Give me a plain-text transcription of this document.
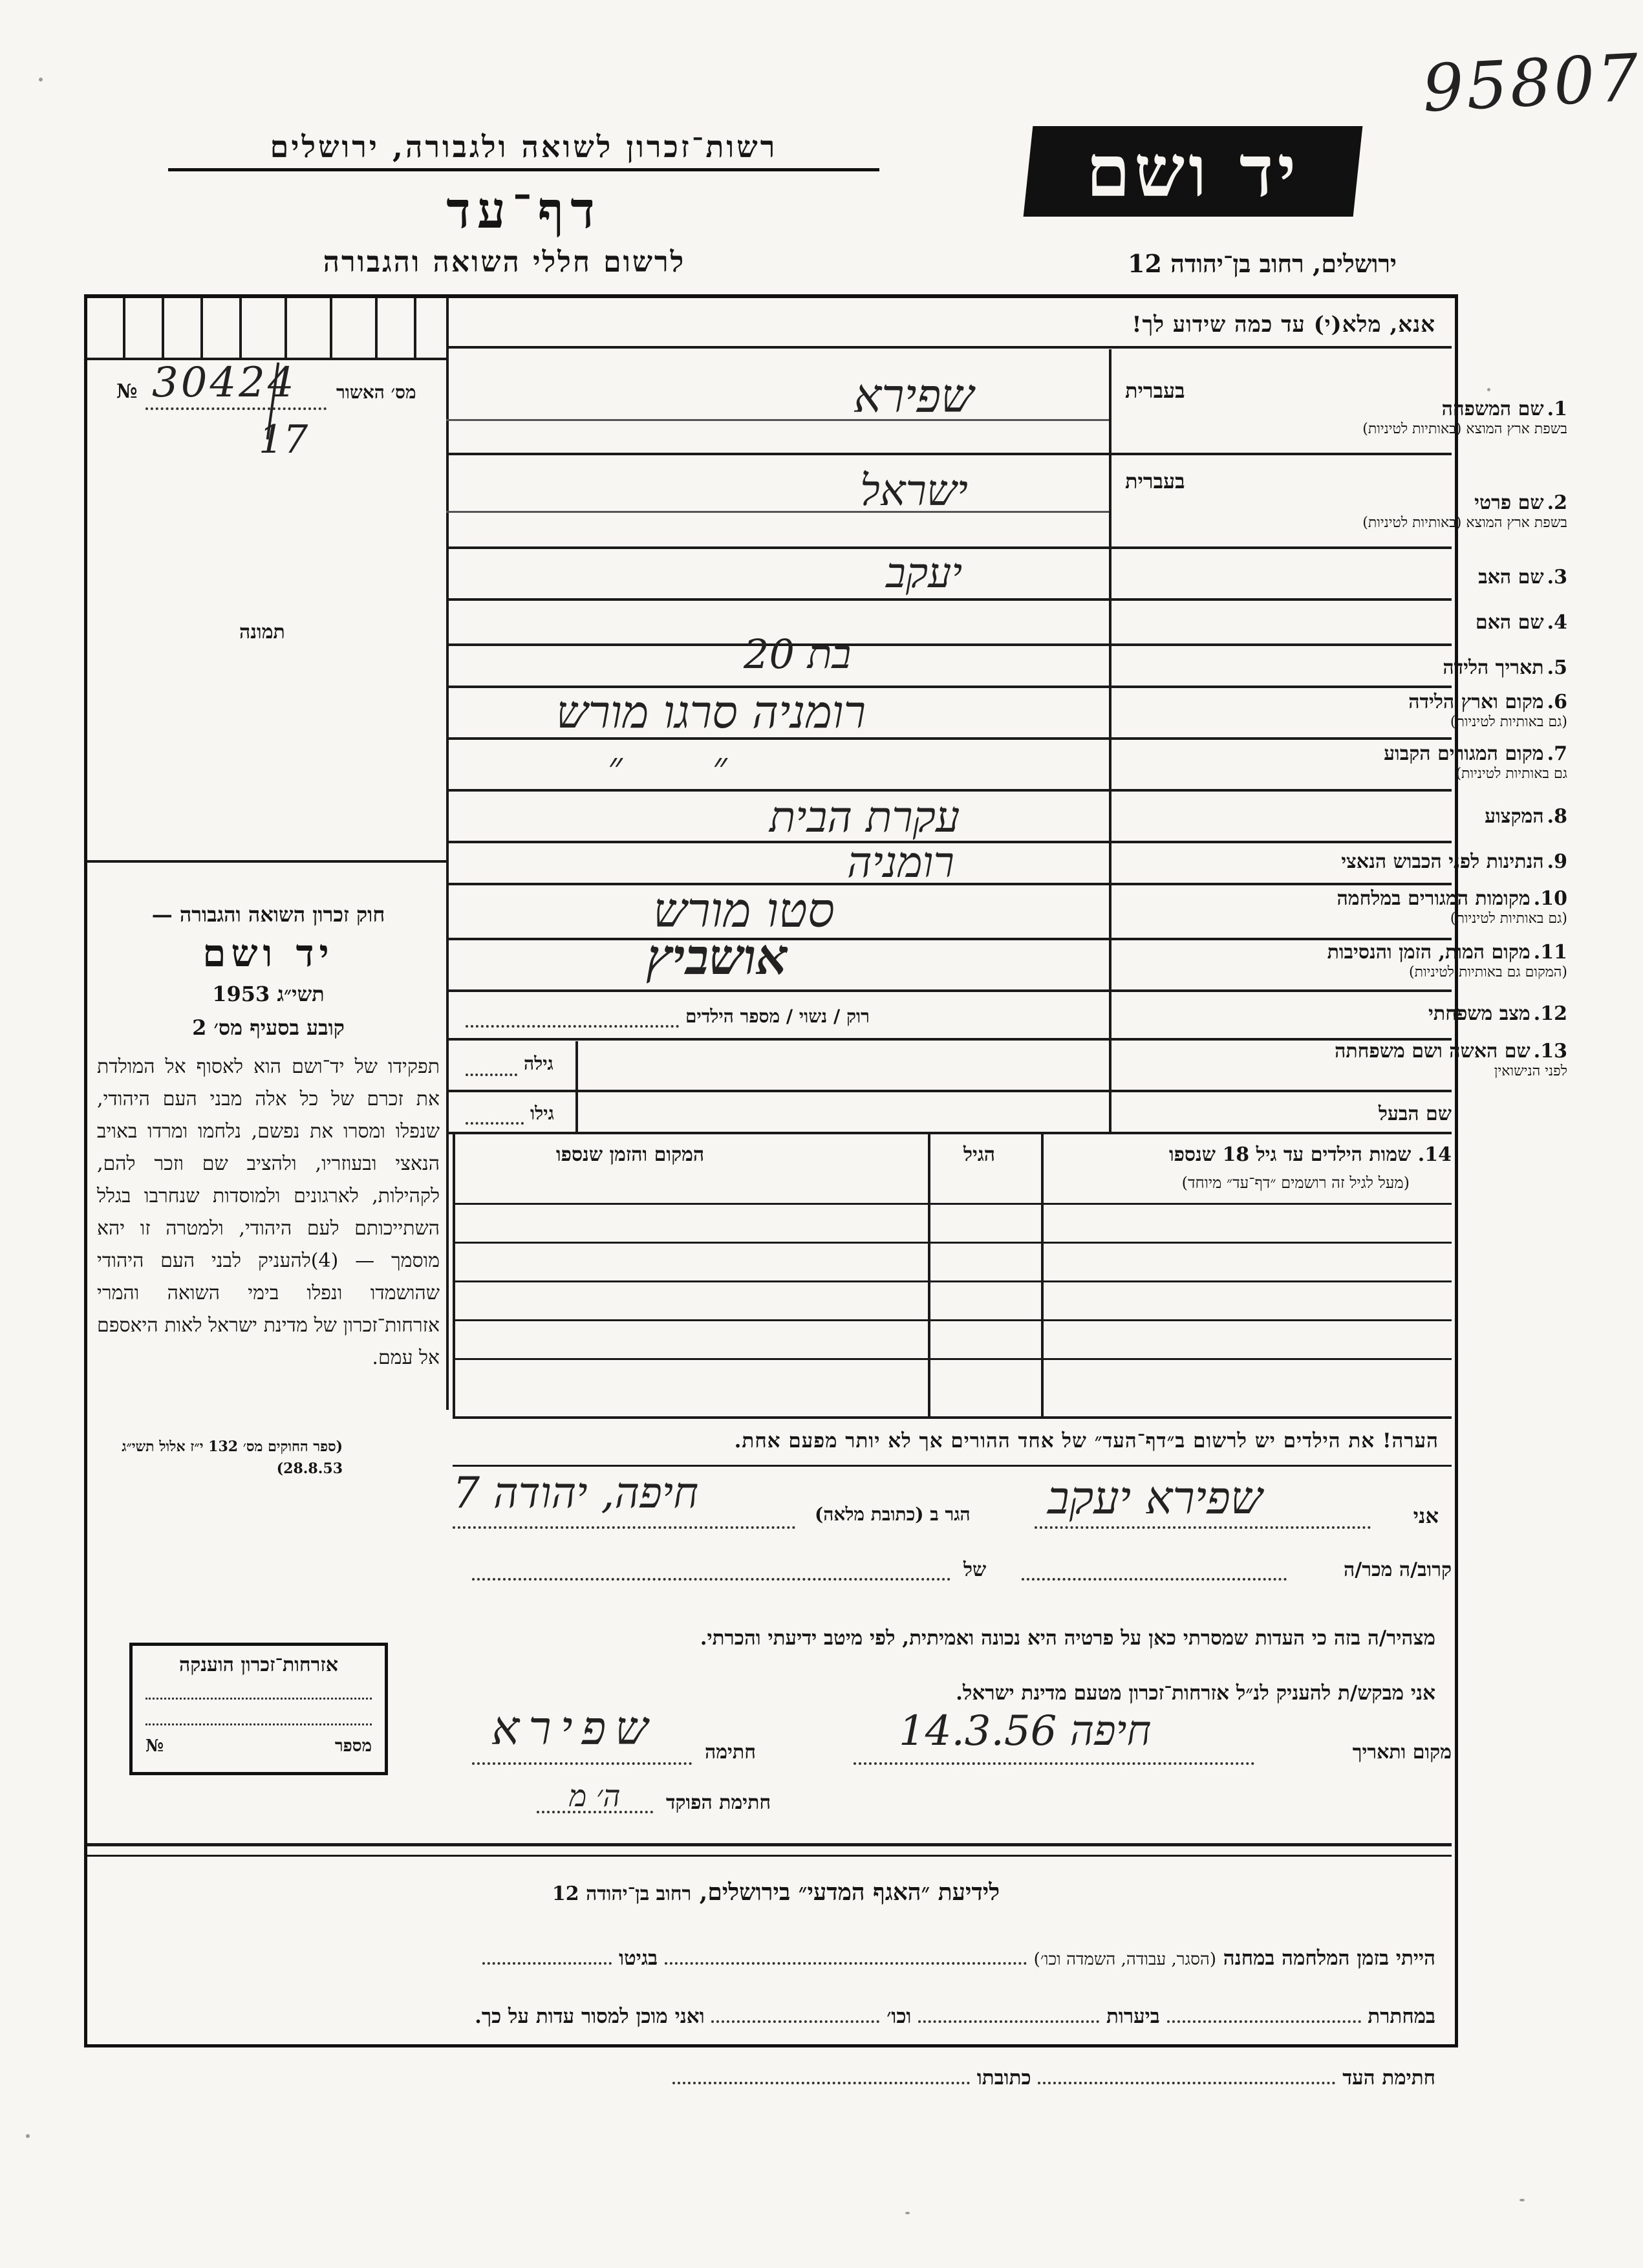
95807
רשות־זכרון לשואה ולגבורה, ירושלים
דף־עד
לרשום חללי השואה והגבורה
יד ושם
ירושלים, רחוב בן־יהודה 12
אנא, מלא(י) עד כמה שידוע לך!
מס׳ האשור
№ 30424
17
תמונה
בעברית
בעברית
1. שם המשפחה
בשפת ארץ המוצא (באותיות לטיניות)
2. שם פרטי
בשפת ארץ המוצא (באותיות לטיניות)
3. שם האב
4. שם האם
5. תאריך הלידה
6. מקום וארץ הלידה
(גם באותיות לטיניות)
7. מקום המגורים הקבוע
גם באותיות לטיניות)
8. המקצוע
9. הנתינות לפני הכבוש הנאצי
10. מקומות המגורים במלחמה
(גם באותיות לטיניות)
11. מקום המות, הזמן והנסיבות
(המקום גם באותיות לטיניות)
12. מצב משפחתי
13. שם האשה ושם משפחתה
לפני הנישואין
שם הבעל
שפירא
ישראל
יעקב
בת 20
רומניה סרגו מורש
״ ״
עקרת הבית
רומניה
סטו מורש
אושביץ
רוק / נשוי / מספר הילדים
גילה
גילו
14. שמות הילדים עד גיל 18 שנספו
(מעל לגיל זה רושמים ״דף־עד״ מיוחד)
הגיל
המקום והזמן שנספו
הערה! את הילדים יש לרשום ב״דף־העד״ של אחד ההורים אך לא יותר מפעם אחת.
חוק זכרון השואה והגבורה —
יד ושם
תשי״ג 1953
קובע בסעיף מס׳ 2
תפקידו של יד־ושם הוא לאסוף אל המולדת את זכרם של כל אלה מבני העם היהודי, שנפלו ומסרו את נפשם, נלחמו ומרדו באויב הנאצי ובעוזריו, ולהציב שם וזכר להם, לקהילות, לארגונים ולמוסדות שנחרבו בגלל השתייכותם לעם היהודי, ולמטרה זו יהא מוסמך — (4)להעניק לבני העם היהודי שהושמדו ונפלו בימי השואה והמרי אזרחות־זכרון של מדינת ישראל לאות היאספם אל עמם.
(ספר החוקים מס׳ 132 י״ז אלול תשי״ג 28.8.53)
אני
שפירא יעקב
הגר ב (כתובת מלאה)
חיפה, יהודה 7
קרוב/ה מכר/ה
של
מצהיר/ה בזה כי העדות שמסרתי כאן על פרטיה היא נכונה ואמיתית, לפי מיטב ידיעתי והכרתי.
אני מבקש/ת להעניק לנ״ל אזרחות־זכרון מטעם מדינת ישראל.
מקום ותאריך
חיפה 14.3.56
חתימה
שפירא
חתימת הפוקד
ה׳ מ
אזרחות־זכרון הוענקה
מספר
№
לידיעת ״האגף המדעי״ בירושלים, רחוב בן־יהודה 12
הייתי בזמן המלחמה במחנה (הסגר, עבודה, השמדה וכו׳)  בגיטו
במחתרת  ביערות  וכו׳  ואני מוכן למסור עדות על כך.
חתימת העד  כתובתו
